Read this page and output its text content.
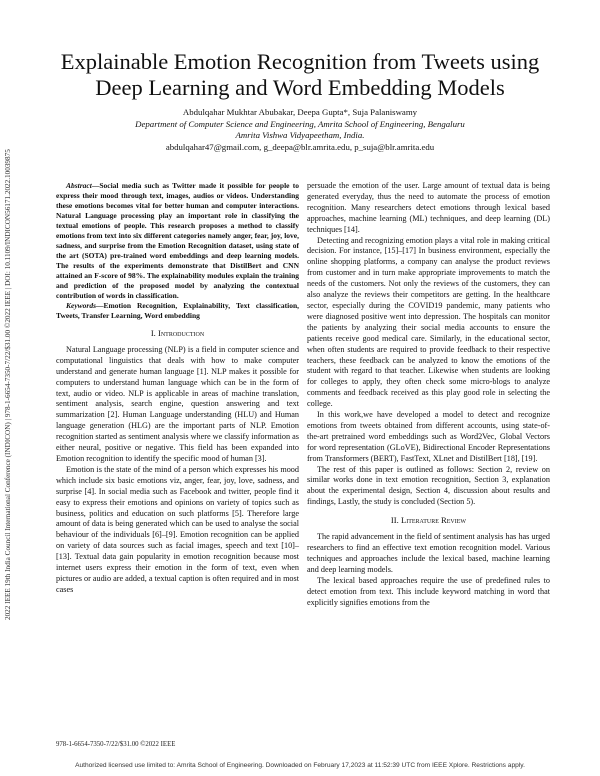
2022 IEEE 19th India Council International Conference (INDICON) | 978-1-6654-7350-7/22/$31.00 ©2022 IEEE | DOI: 10.1109/INDICON56171.2022.10039875
Explainable Emotion Recognition from Tweets using Deep Learning and Word Embedding Models
Abdulqahar Mukhtar Abubakar, Deepa Gupta*, Suja Palaniswamy
Department of Computer Science and Engineering, Amrita School of Engineering, Bengaluru
Amrita Vishwa Vidyapeetham, India.
abdulqahar47@gmail.com, g_deepa@blr.amrita.edu, p_suja@blr.amrita.edu

Abstract—Social media such as Twitter made it possible for people to express their mood through text, images, audios or videos. Understanding these emotions becomes vital for better human and computer interactions. Natural Language processing play an important role in classifying the textual emotions of people. This research proposes a method to classify emotions from text into six different categories namely anger, fear, joy, love, sadness, and surprise from the Emotion Recognition dataset, using state of the art (SOTA) pre-trained word embeddings and deep learning models. The results of the experiments demonstrate that DistilBert and CNN attained an F-score of 98%. The explainability modules explain the training and prediction of the proposed model by analyzing the contextual contribution of words in classification.

Keywords—Emotion Recognition, Explainability, Text classification, Tweets, Transfer Learning, Word embedding

I. Introduction

Natural Language processing (NLP) is a field in computer science and computational linguistics that deals with how to make computer understand and generate human language [1]. NLP makes it possible for computers to understand human language which can be in the form of text, audio or video. NLP is applicable in areas of machine translation, sentiment analysis, search engine, question answering and text summarization [2]. Human Language understanding (HLU) and Human language generation (HLG) are the important parts of NLP. Emotion recognition started as sentiment analysis where we classify information as either neural, positive or negative. This field has been expanded into Emotion recognition to identify the specific mood of human [3].

Emotion is the state of the mind of a person which expresses his mood which include six basic emotions viz, anger, fear, joy, love, sadness, and surprise [4]. In social media such as Facebook and twitter, people find it easy to express their emotions and opinions on variety of topics such as business, politics and education on such platforms [5]. Therefore large amount of data is being generated which can be used to analyse the social behaviour of the individuals [6]–[9]. Emotion recognition can be applied on variety of data sources such as facial images, speech and text [10]–[13]. Textual data gain popularity in emotion recognition because most internet users express their emotion in the form of text, even when pictures or audio are added, a textual caption is often required and in most cases

persuade the emotion of the user. Large amount of textual data is being generated everyday, thus the need to automate the process of emotion recognition. Many researchers detect emotions through lexical based approaches, machine learning (ML) techniques, and deep learning (DL) techniques [14].

Detecting and recognizing emotion plays a vital role in making critical decision. For instance, [15]–[17] In business environment, especially the online shopping platforms, a company can analyse the product reviews from customer and in turn make appropriate improvements to match the needs of the customers. Not only the reviews of the customers, they can also analyze the reviews their competitors are getting. In the healthcare sector, especially during the COVID19 pandemic, many patients who were diagnosed positive went into depression. The hospitals can monitor the patients by analyzing their social media accounts to ensure the patients receive good medical care. Similarly, in the educational sector, when often students are required to provide feedback to their respective teachers, these feedback can be analyzed to know the emotions of the student with regard to that teacher. Likewise when students are looking for colleges to apply, they often check some micro-blogs to analyze comments and feedback received as this play good role in selecting the college.

In this work,we have developed a model to detect and recognize emotions from tweets obtained from different accounts, using state-of-the-art pretrained word embeddings such as Word2Vec, Global Vectors for word representation (GLoVE), Bidirectional Encoder Representations from Transformers (BERT), FastText, XLnet and DistilBert [18], [19].

The rest of this paper is outlined as follows: Section 2, review on similar works done in text emotion recognition, Section 3, explanation about the experimental design, Section 4, discussion about results and findings, Lastly, the study is concluded (Section 5).

II. Literature Review

The rapid advancement in the field of sentiment analysis has has urged researchers to find an effective text emotion recognition model. Various techniques and approaches include the lexical based, machine learning and deep learning models.

The lexical based approaches require the use of predefined rules to detect emotion from text. This include keyword matching in word that explicitly signifies emotions from the

978-1-6654-7350-7/22/$31.00 ©2022 IEEE
Authorized licensed use limited to: Amrita School of Engineering. Downloaded on February 17,2023 at 11:52:39 UTC from IEEE Xplore. Restrictions apply.
